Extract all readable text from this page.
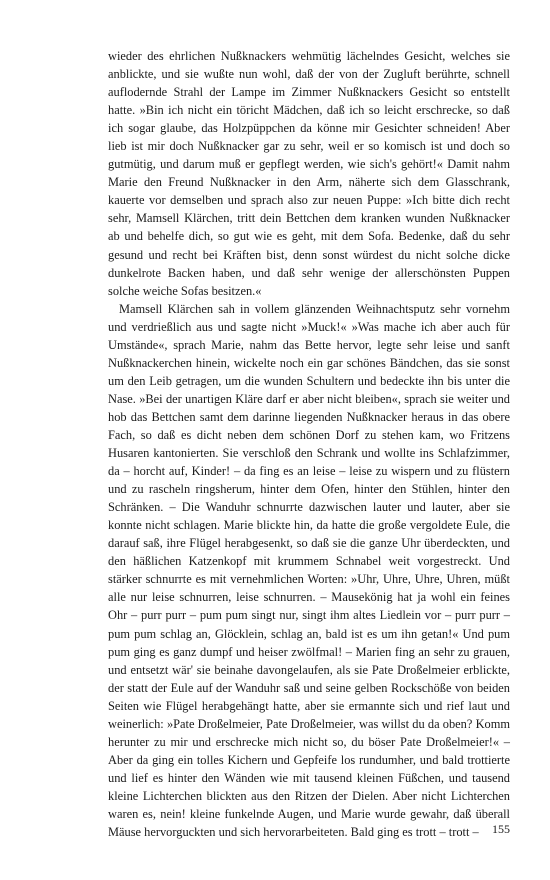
wieder des ehrlichen Nußknackers wehmütig lächelndes Gesicht, welches sie anblickte, und sie wußte nun wohl, daß der von der Zugluft berührte, schnell auflodernde Strahl der Lampe im Zimmer Nußknackers Gesicht so entstellt hatte. »Bin ich nicht ein töricht Mädchen, daß ich so leicht erschrecke, so daß ich sogar glaube, das Holzpüppchen da könne mir Gesichter schneiden! Aber lieb ist mir doch Nußknacker gar zu sehr, weil er so komisch ist und doch so gutmütig, und darum muß er gepflegt werden, wie sich's gehört!« Damit nahm Marie den Freund Nußknacker in den Arm, näherte sich dem Glasschrank, kauerte vor demselben und sprach also zur neuen Puppe: »Ich bitte dich recht sehr, Mamsell Klärchen, tritt dein Bettchen dem kranken wunden Nußknacker ab und behelfe dich, so gut wie es geht, mit dem Sofa. Bedenke, daß du sehr gesund und recht bei Kräften bist, denn sonst würdest du nicht solche dicke dunkelrote Backen haben, und daß sehr wenige der allerschönsten Puppen solche weiche Sofas besitzen.«

Mamsell Klärchen sah in vollem glänzenden Weihnachtsputz sehr vornehm und verdrießlich aus und sagte nicht »Muck!« »Was mache ich aber auch für Umstände«, sprach Marie, nahm das Bette hervor, legte sehr leise und sanft Nußknackerchen hinein, wickelte noch ein gar schönes Bändchen, das sie sonst um den Leib getragen, um die wunden Schultern und bedeckte ihn bis unter die Nase. »Bei der unartigen Kläre darf er aber nicht bleiben«, sprach sie weiter und hob das Bettchen samt dem darinne liegenden Nußknacker heraus in das obere Fach, so daß es dicht neben dem schönen Dorf zu stehen kam, wo Fritzens Husaren kantonierten. Sie verschloß den Schrank und wollte ins Schlafzimmer, da – horcht auf, Kinder! – da fing es an leise – leise zu wispern und zu flüstern und zu rascheln ringsherum, hinter dem Ofen, hinter den Stühlen, hinter den Schränken. – Die Wanduhr schnurrte dazwischen lauter und lauter, aber sie konnte nicht schlagen. Marie blickte hin, da hatte die große vergoldete Eule, die darauf saß, ihre Flügel herabgesenkt, so daß sie die ganze Uhr überdeckten, und den häßlichen Katzenkopf mit krummem Schnabel weit vorgestreckt. Und stärker schnurrte es mit vernehmlichen Worten: »Uhr, Uhre, Uhre, Uhren, müßt alle nur leise schnurren, leise schnurren. – Mausekönig hat ja wohl ein feines Ohr – purr purr – pum pum singt nur, singt ihm altes Liedlein vor – purr purr – pum pum schlag an, Glöcklein, schlag an, bald ist es um ihn getan!« Und pum pum ging es ganz dumpf und heiser zwölfmal! – Marien fing an sehr zu grauen, und entsetzt wär' sie beinahe davongelaufen, als sie Pate Droßelmeier erblickte, der statt der Eule auf der Wanduhr saß und seine gelben Rockschöße von beiden Seiten wie Flügel herabgehängt hatte, aber sie ermannte sich und rief laut und weinerlich: »Pate Droßelmeier, Pate Droßelmeier, was willst du da oben? Komm herunter zu mir und erschrecke mich nicht so, du böser Pate Droßelmeier!« – Aber da ging ein tolles Kichern und Gepfeife los rundumher, und bald trottierte und lief es hinter den Wänden wie mit tausend kleinen Füßchen, und tausend kleine Lichterchen blickten aus den Ritzen der Dielen. Aber nicht Lichterchen waren es, nein! kleine funkelnde Augen, und Marie wurde gewahr, daß überall Mäuse hervorguckten und sich hervorarbeiteten. Bald ging es trott – trott –	155
